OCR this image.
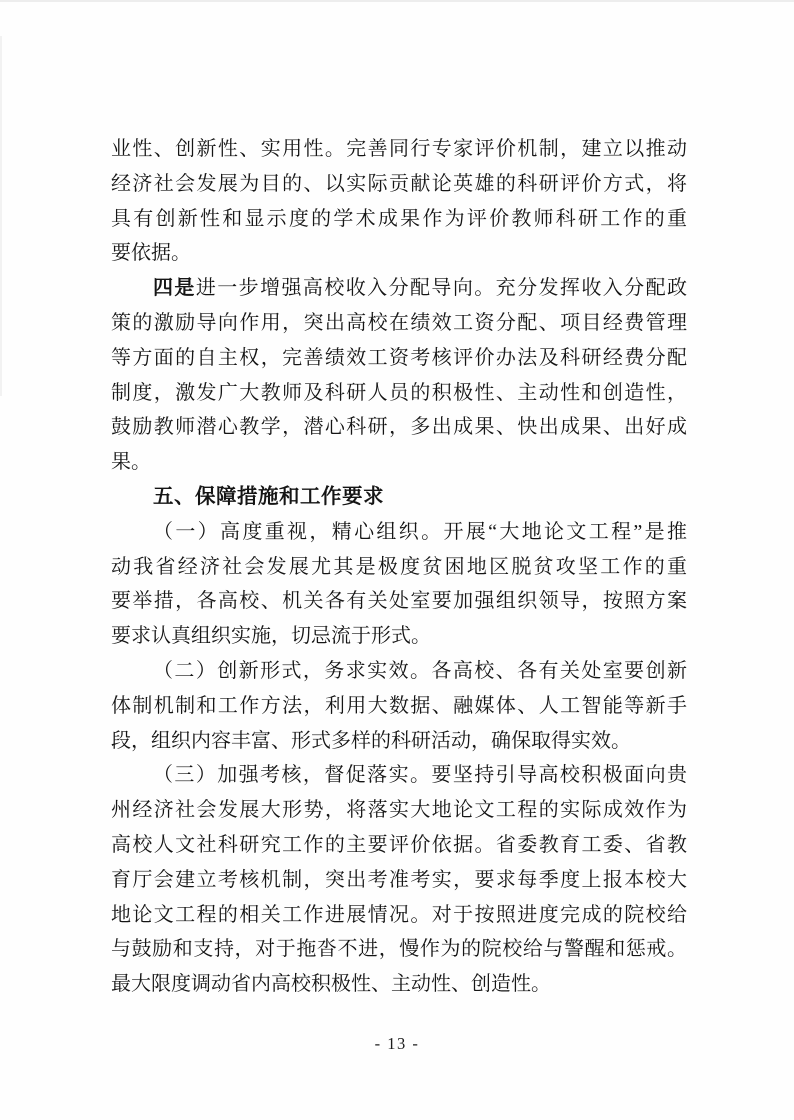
业性、创新性、实用性。完善同行专家评价机制，建立以推动
经济社会发展为目的、以实际贡献论英雄的科研评价方式，将
具有创新性和显示度的学术成果作为评价教师科研工作的重
要依据。
四是进一步增强高校收入分配导向。充分发挥收入分配政
策的激励导向作用，突出高校在绩效工资分配、项目经费管理
等方面的自主权，完善绩效工资考核评价办法及科研经费分配
制度，激发广大教师及科研人员的积极性、主动性和创造性，
鼓励教师潜心教学，潜心科研，多出成果、快出成果、出好成
果。
五、保障措施和工作要求
（一）高度重视，精心组织。开展“大地论文工程”是推
动我省经济社会发展尤其是极度贫困地区脱贫攻坚工作的重
要举措，各高校、机关各有关处室要加强组织领导，按照方案
要求认真组织实施，切忌流于形式。
（二）创新形式，务求实效。各高校、各有关处室要创新
体制机制和工作方法，利用大数据、融媒体、人工智能等新手
段，组织内容丰富、形式多样的科研活动，确保取得实效。
（三）加强考核，督促落实。要坚持引导高校积极面向贵
州经济社会发展大形势，将落实大地论文工程的实际成效作为
高校人文社科研究工作的主要评价依据。省委教育工委、省教
育厅会建立考核机制，突出考准考实，要求每季度上报本校大
地论文工程的相关工作进展情况。对于按照进度完成的院校给
与鼓励和支持，对于拖沓不进，慢作为的院校给与警醒和惩戒。
最大限度调动省内高校积极性、主动性、创造性。
- 13 -
